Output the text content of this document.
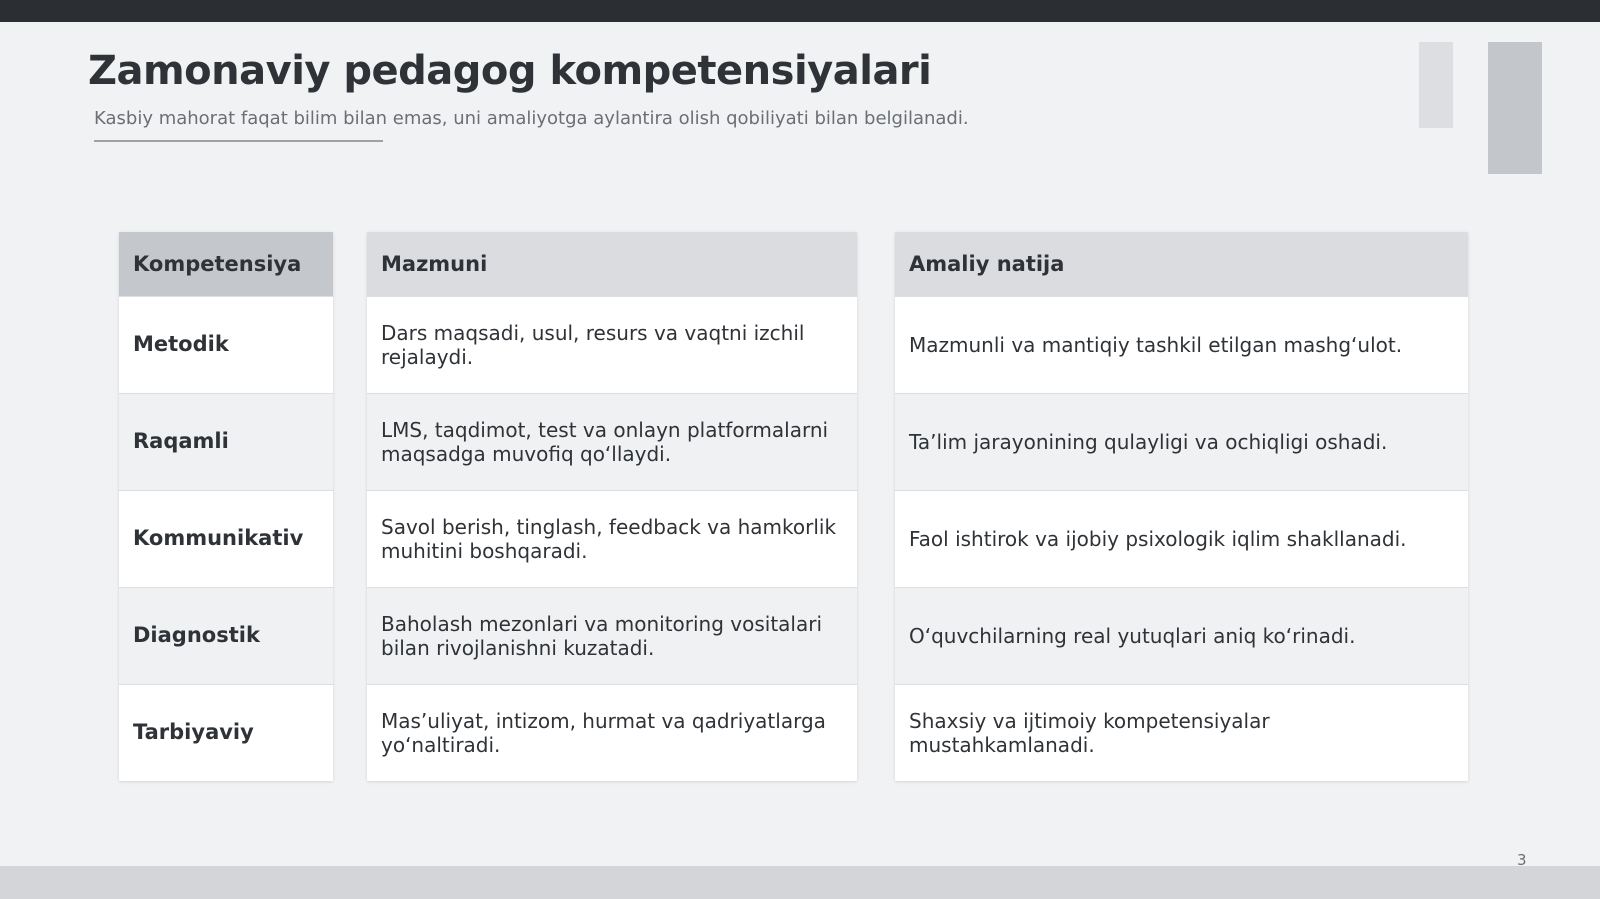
Zamonaviy pedagog kompetensiyalari

Kasbiy mahorat faqat bilim bilan emas, uni amaliyotga aylantira olish qobiliyati bilan belgilanadi.

Kompetensiya
Metodik
Raqamli
Kommunikativ
Diagnostik
Tarbiyaviy
Mazmuni
Dars maqsadi, usul, resurs va vaqtni izchil rejalaydi.
LMS, taqdimot, test va onlayn platformalarni maqsadga muvofiq qo‘llaydi.
Savol berish, tinglash, feedback va hamkorlik muhitini boshqaradi.
Baholash mezonlari va monitoring vositalari bilan rivojlanishni kuzatadi.
Mas’uliyat, intizom, hurmat va qadriyatlarga yo‘naltiradi.
Amaliy natija
Mazmunli va mantiqiy tashkil etilgan mashg‘ulot.
Ta’lim jarayonining qulayligi va ochiqligi oshadi.
Faol ishtirok va ijobiy psixologik iqlim shakllanadi.
O‘quvchilarning real yutuqlari aniq ko‘rinadi.
Shaxsiy va ijtimoiy kompetensiyalar mustahkamlanadi.
3
